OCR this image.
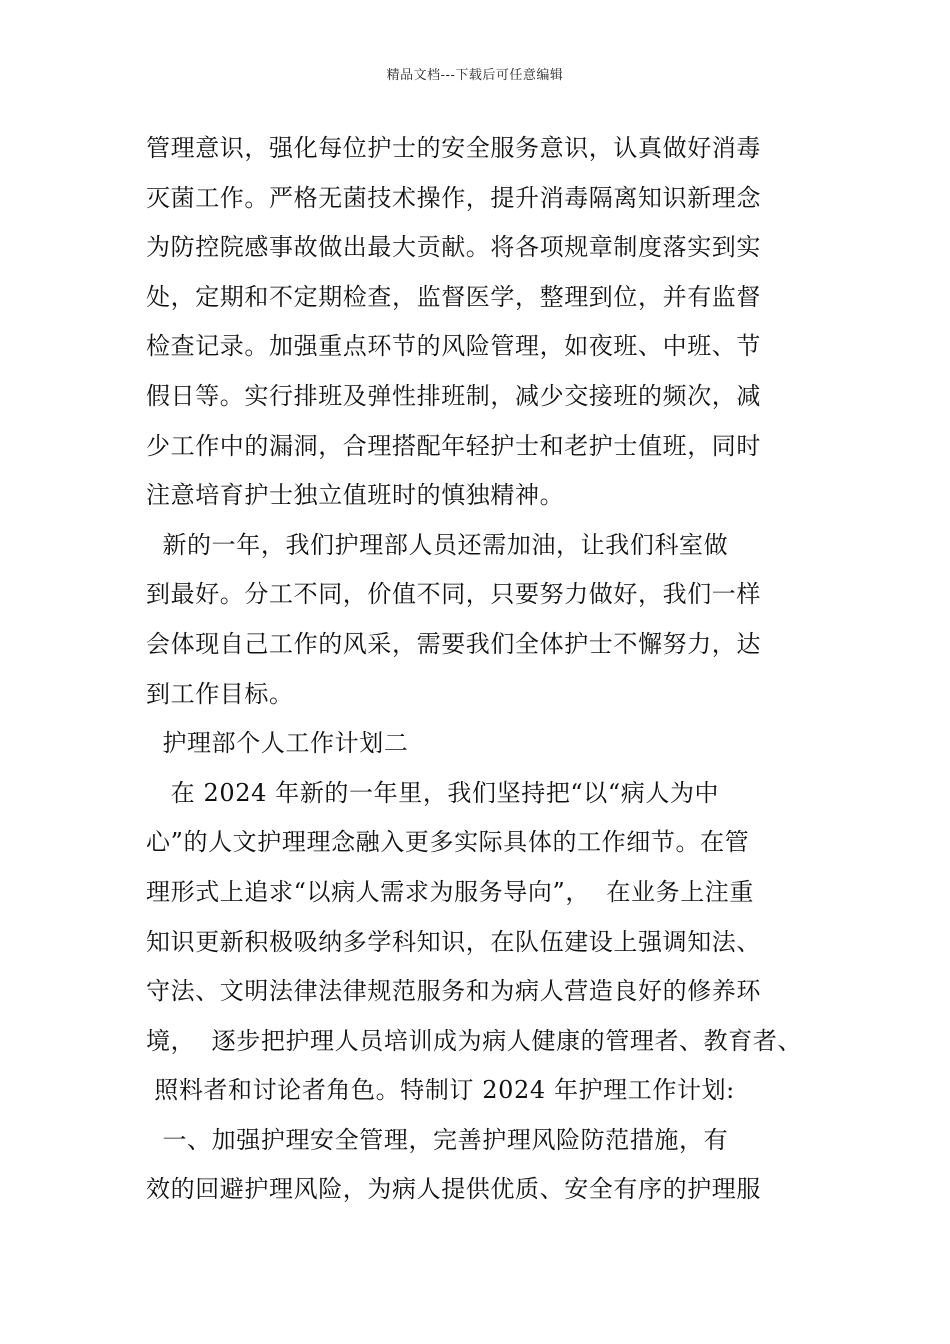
精品文档---下载后可任意编辑
管理意识，强化每位护士的安全服务意识，认真做好消毒
灭菌工作。严格无菌技术操作，提升消毒隔离知识新理念
为防控院感事故做出最大贡献。将各项规章制度落实到实
处，定期和不定期检查，监督医学，整理到位，并有监督
检查记录。加强重点环节的风险管理，如夜班、中班、节
假日等。实行排班及弹性排班制，减少交接班的频次，减
少工作中的漏洞，合理搭配年轻护士和老护士值班，同时
注意培育护士独立值班时的慎独精神。
新的一年，我们护理部人员还需加油，让我们科室做
到最好。分工不同，价值不同，只要努力做好，我们一样
会体现自己工作的风采，需要我们全体护士不懈努力，达
到工作目标。
护理部个人工作计划二
在 2024 年新的一年里，我们坚持把“以“病人为中
心”的人文护理理念融入更多实际具体的工作细节。在管
理形式上追求“以病人需求为服务导向”，  在业务上注重
知识更新积极吸纳多学科知识，在队伍建设上强调知法、
守法、文明法律法律规范服务和为病人营造良好的修养环
境，  逐步把护理人员培训成为病人健康的管理者、教育者、
照料者和讨论者角色。特制订 2024 年护理工作计划:
一、加强护理安全管理，完善护理风险防范措施，有
效的回避护理风险，为病人提供优质、安全有序的护理服
